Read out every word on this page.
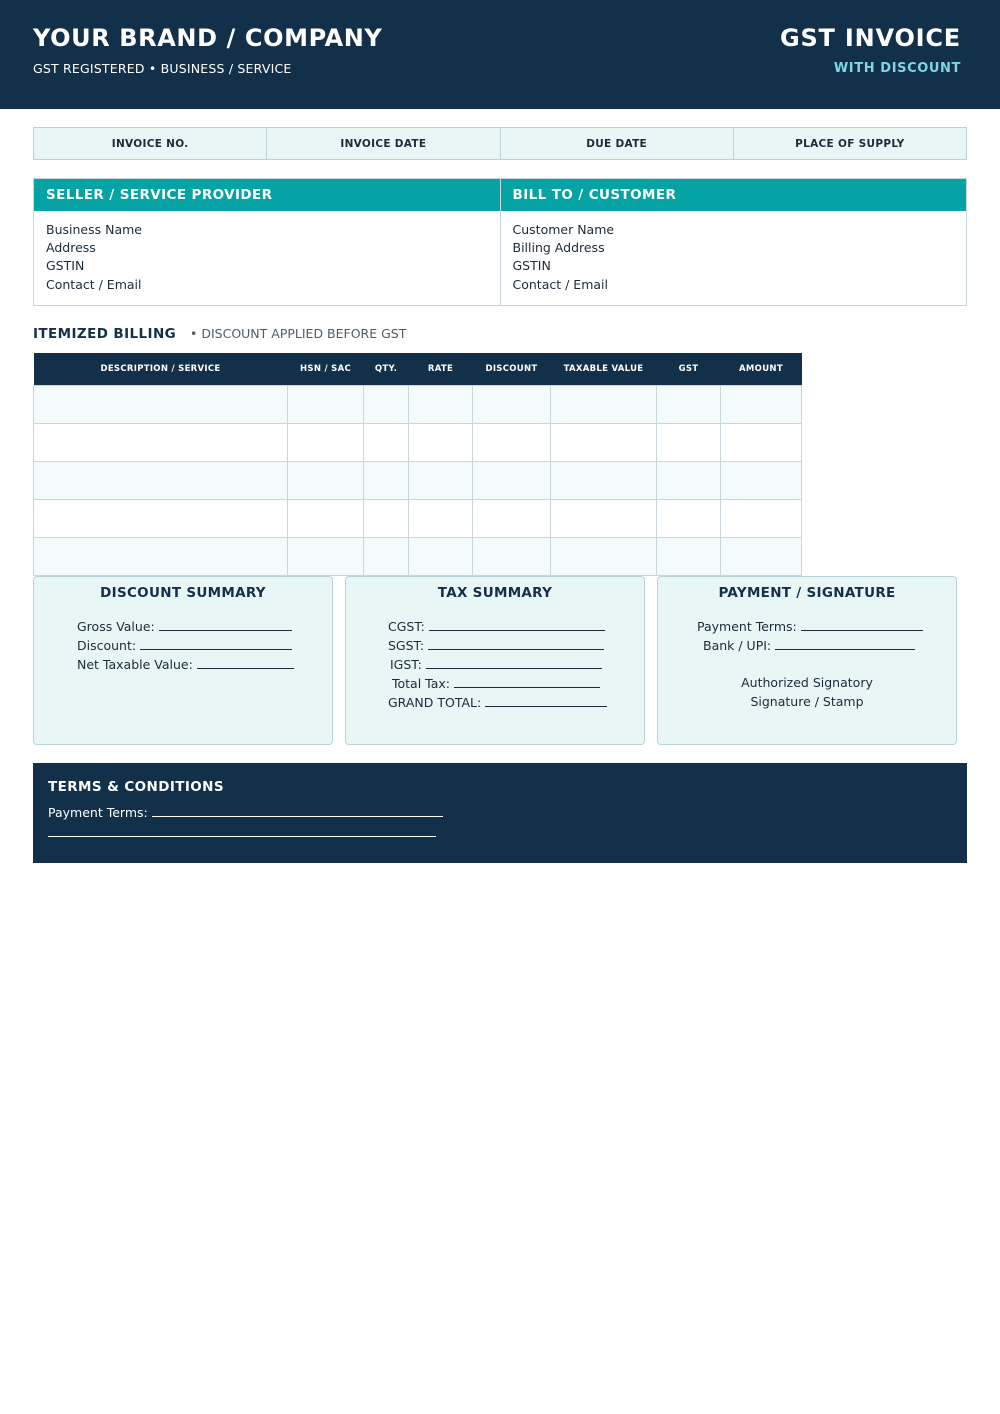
YOUR BRAND / COMPANY
GST REGISTERED • BUSINESS / SERVICE
GST INVOICE
WITH DISCOUNT
INVOICE NO.	INVOICE DATE	DUE DATE	PLACE OF SUPPLY
SELLER / SERVICE PROVIDER
Business Name
Address
GSTIN
Contact / Email
BILL TO / CUSTOMER
Customer Name
Billing Address
GSTIN
Contact / Email
ITEMIZED BILLING • DISCOUNT APPLIED BEFORE GST
DESCRIPTION / SERVICE	HSN / SAC	QTY.	RATE	DISCOUNT	TAXABLE VALUE	GST	AMOUNT

DISCOUNT SUMMARY
Gross Value:
Discount:
Net Taxable Value:
TAX SUMMARY
CGST:
SGST:
IGST:
Total Tax:
GRAND TOTAL:
PAYMENT / SIGNATURE
Payment Terms:
Bank / UPI:
Authorized Signatory
Signature / Stamp
TERMS & CONDITIONS
Payment Terms:
